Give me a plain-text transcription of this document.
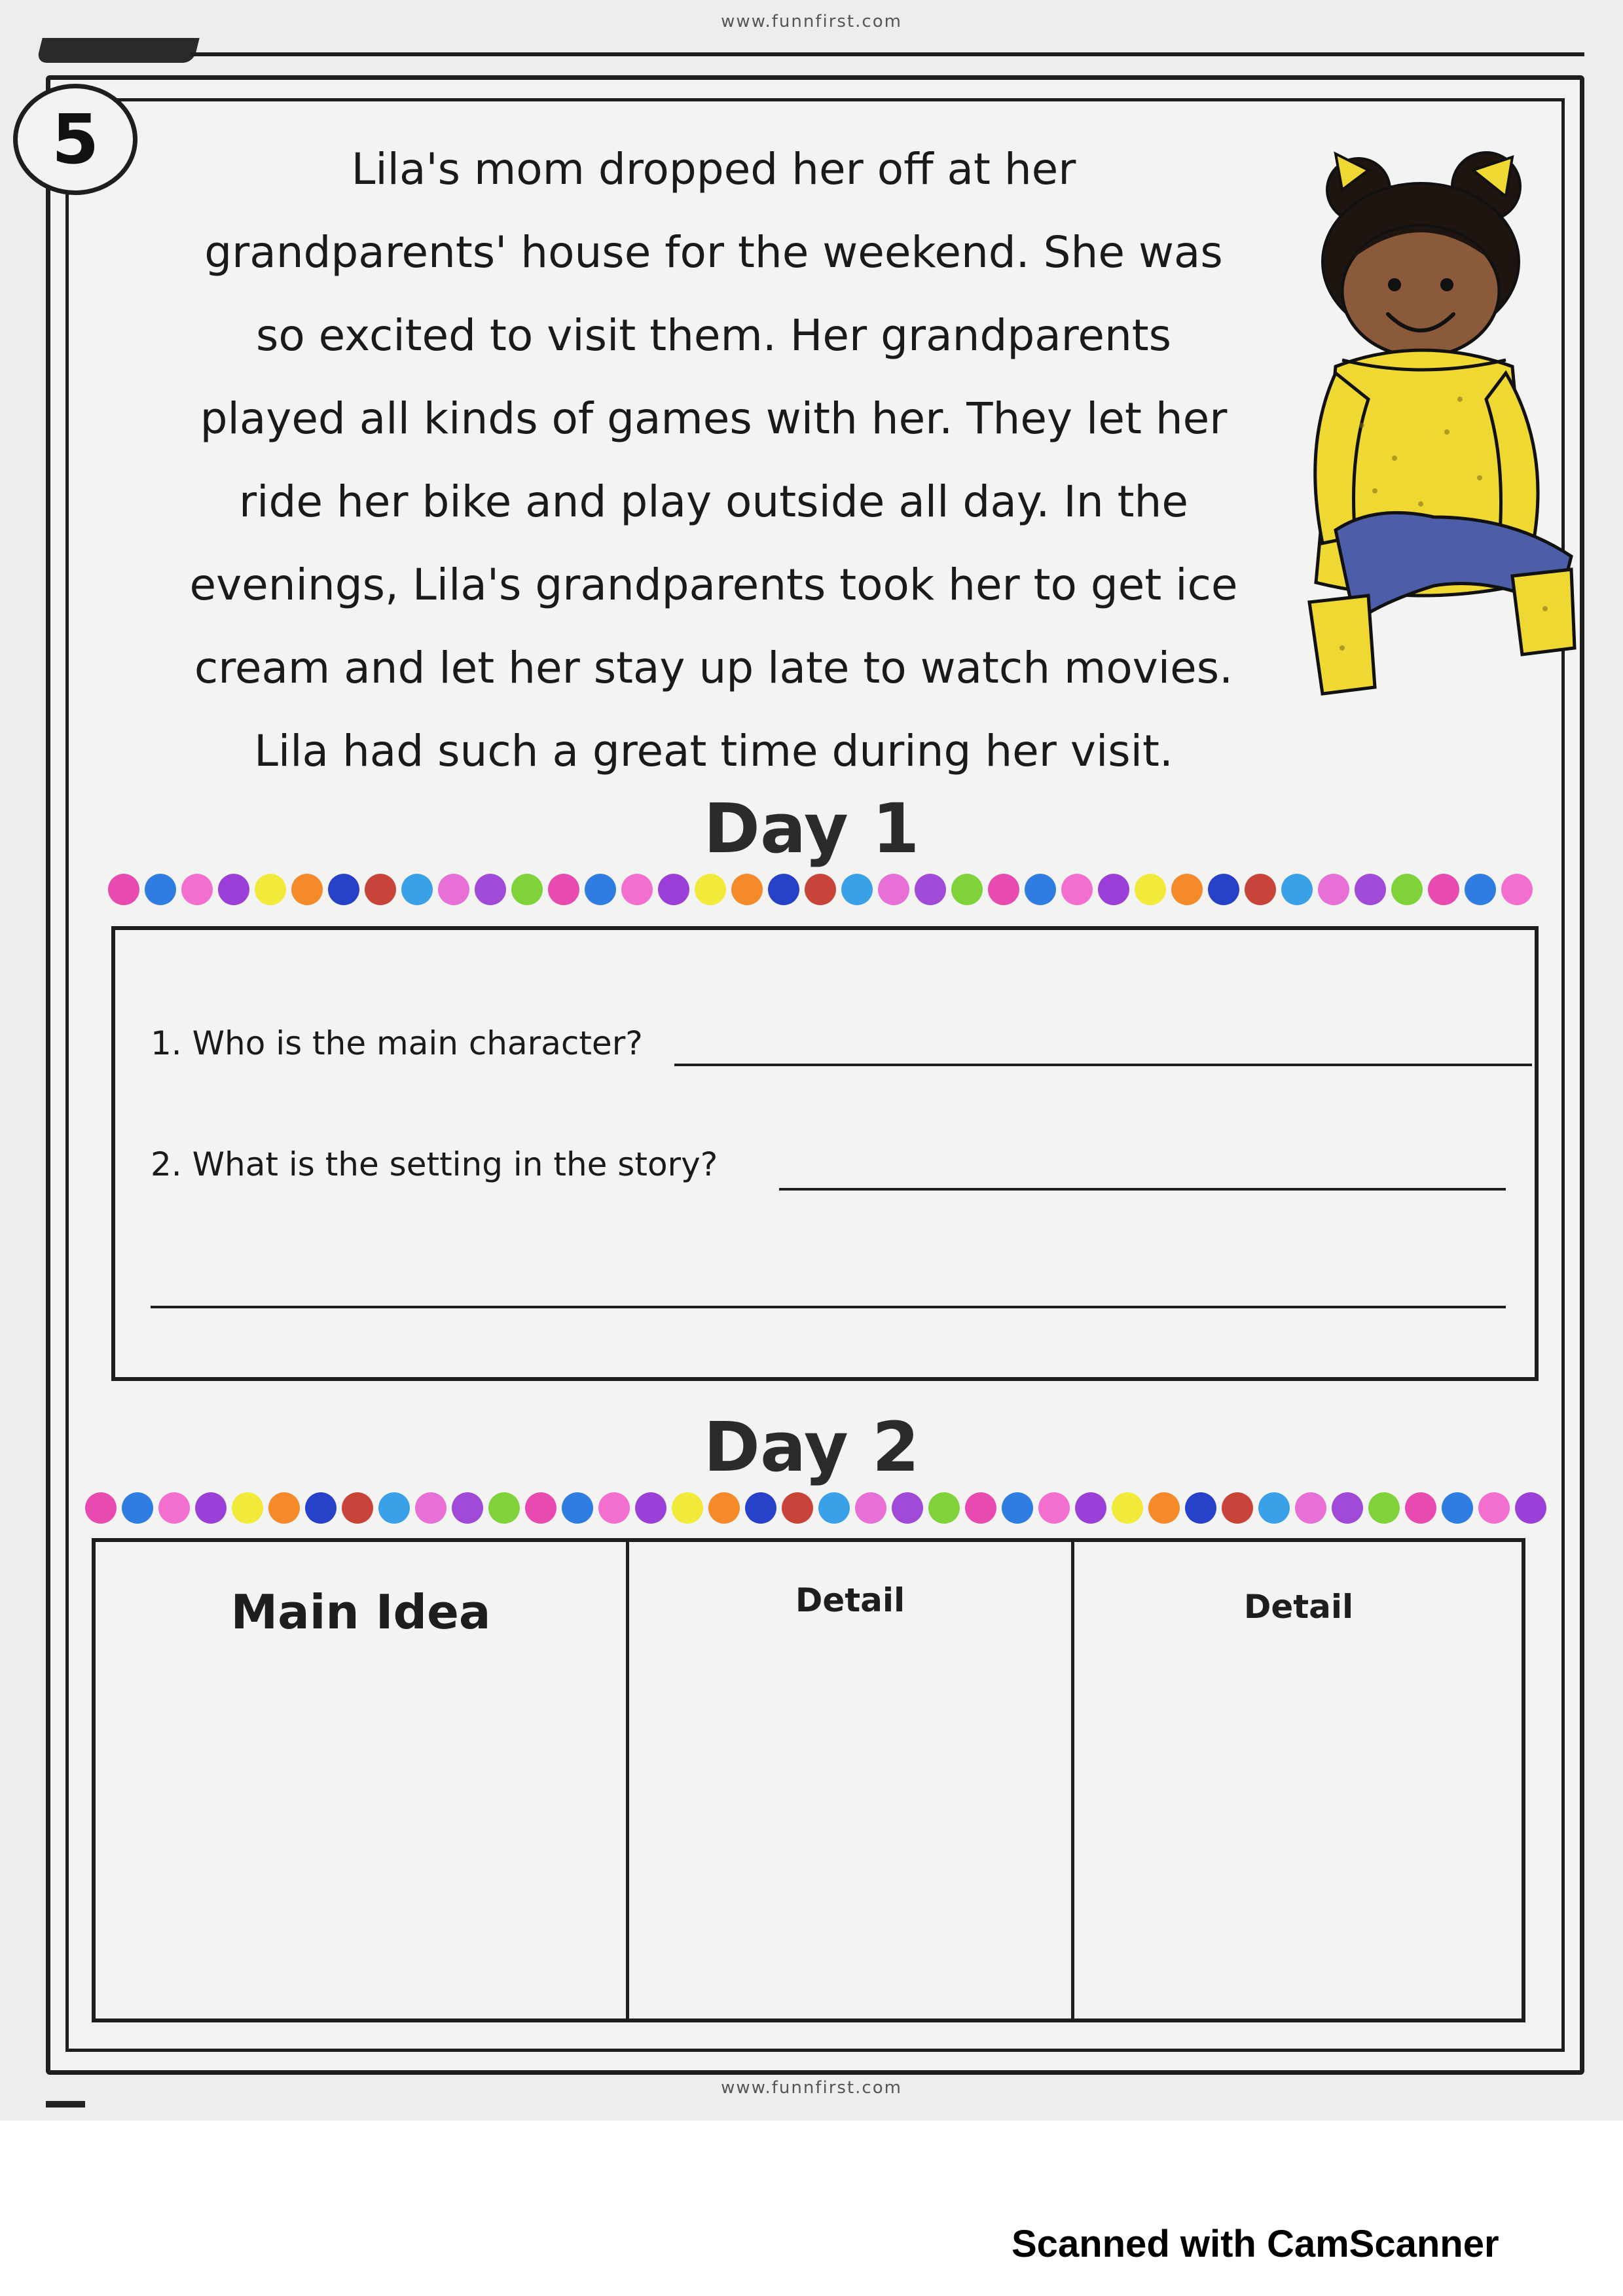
www.funnfirst.com
5	Lila's mom dropped her off at her
grandparents' house for the weekend. She was
so excited to visit them. Her grandparents
played all kinds of games with her. They let her
ride her bike and play outside all day. In the
evenings, Lila's grandparents took her to get ice
cream and let her stay up late to watch movies.
Lila had such a great time during her visit.
Day 1
1. Who is the main character?
2. What is the setting in the story?
Day 2
Main Idea	Detail	Detail
www.funnfirst.com
Scanned with CamScanner
